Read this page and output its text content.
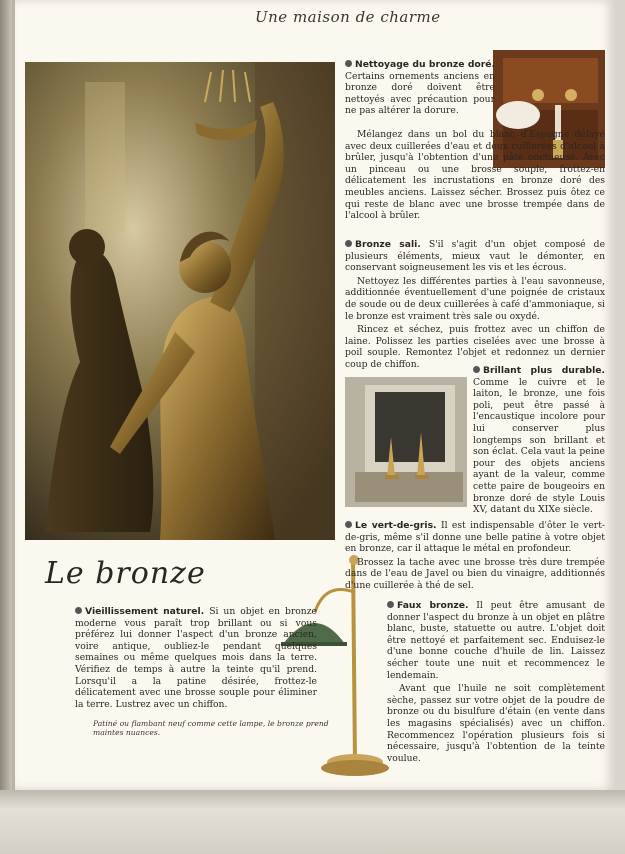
Une maison de charme

Nettoyage du bronze doré. Certains ornements anciens en bronze doré doivent être nettoyés avec précaution pour ne pas altérer la dorure.

Mélangez dans un bol du blanc d'Espagne délayé avec deux cuillerées d'eau et deux cuillerées d'alcool à brûler, jusqu'à l'obtention d'une pâte onctueuse. Avec un pinceau ou une brosse souple, frottez-en délicatement les incrustations en bronze doré des meubles anciens. Laissez sécher. Brossez puis ôtez ce qui reste de blanc avec une brosse trempée dans de l'alcool à brûler.

Bronze sali. S'il s'agit d'un objet composé de plusieurs éléments, mieux vaut le démonter, en conservant soigneusement les vis et les écrous.

Nettoyez les différentes parties à l'eau savonneuse, additionnée éventuellement d'une poignée de cristaux de soude ou de deux cuillerées à café d'ammoniaque, si le bronze est vraiment très sale ou oxydé.

Rincez et séchez, puis frottez avec un chiffon de laine. Polissez les parties ciselées avec une brosse à poil souple. Remontez l'objet et redonnez un dernier coup de chiffon.

Brillant plus durable. Comme le cuivre et le laiton, le bronze, une fois poli, peut être passé à l'encaustique incolore pour lui conserver plus longtemps son brillant et son éclat. Cela vaut la peine pour des objets anciens ayant de la valeur, comme cette paire de bougeoirs en bronze doré de style Louis XV, datant du XIXe siècle.

Le vert-de-gris. Il est indispensable d'ôter le vert-de-gris, même s'il donne une belle patine à votre objet en bronze, car il attaque le métal en profondeur.

Brossez la tache avec une brosse très dure trempée dans de l'eau de Javel ou bien du vinaigre, additionnés d'une cuillerée à thé de sel.

Faux bronze. Il peut être amusant de donner l'aspect du bronze à un objet en plâtre blanc, buste, statuette ou autre. L'objet doit être nettoyé et parfaitement sec. Enduisez-le d'une bonne couche d'huile de lin. Laissez sécher toute une nuit et recommencez le lendemain.

Avant que l'huile ne soit complètement sèche, passez sur votre objet de la poudre de bronze ou du bisulfure d'étain (en vente dans les magasins spécialisés) avec un chiffon. Recommencez l'opération plusieurs fois si nécessaire, jusqu'à l'obtention de la teinte voulue.

Le bronze

Vieillissement naturel. Si un objet en bronze moderne vous paraît trop brillant ou si vous préférez lui donner l'aspect d'un bronze ancien, voire antique, oubliez-le pendant quelques semaines ou même quelques mois dans la terre. Vérifiez de temps à autre la teinte qu'il prend. Lorsqu'il a la patine désirée, frottez-le délicatement avec une brosse souple pour éliminer la terre. Lustrez avec un chiffon.

Patiné ou flambant neuf comme cette lampe, le bronze prend maintes nuances.
